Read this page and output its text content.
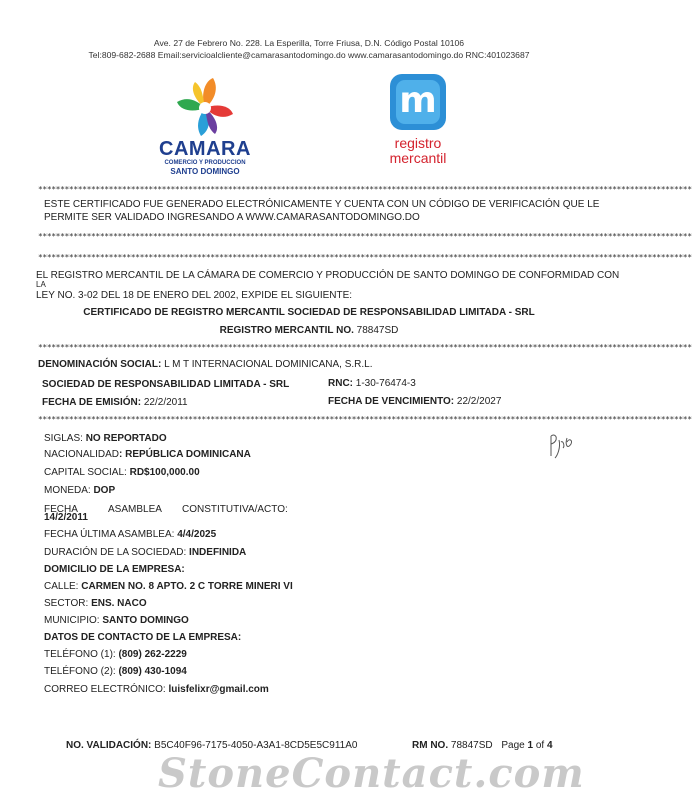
Ave. 27 de Febrero No. 228. La Esperilla, Torre Friusa, D.N. Código Postal 10106
Tel:809-682-2688 Email:servicioalcliente@camarasantodomingo.do www.camarasantodomingo.do RNC:401023687
CAMARA
COMERCIO Y PRODUCCION
SANTO DOMINGO
m
registro
mercantil
****************************************************************************************************************************************************
ESTE CERTIFICADO FUE GENERADO ELECTRÓNICAMENTE Y CUENTA CON UN CÓDIGO DE VERIFICACIÓN QUE LE
PERMITE SER VALIDADO INGRESANDO A WWW.CAMARASANTODOMINGO.DO
****************************************************************************************************************************************************
****************************************************************************************************************************************************
EL REGISTRO MERCANTIL DE LA CÁMARA DE COMERCIO Y PRODUCCIÓN DE SANTO DOMINGO DE CONFORMIDAD CON
LA
LEY NO. 3-02 DEL 18 DE ENERO DEL 2002, EXPIDE EL SIGUIENTE:
CERTIFICADO DE REGISTRO MERCANTIL SOCIEDAD DE RESPONSABILIDAD LIMITADA - SRL
REGISTRO MERCANTIL NO. 78847SD
****************************************************************************************************************************************************
DENOMINACIÓN SOCIAL: L M T INTERNACIONAL DOMINICANA, S.R.L.
SOCIEDAD DE RESPONSABILIDAD LIMITADA - SRL	RNC: 1-30-76474-3
FECHA DE EMISIÓN: 22/2/2011	FECHA DE VENCIMIENTO: 22/2/2027
****************************************************************************************************************************************************
SIGLAS: NO REPORTADO
NACIONALIDAD: REPÚBLICA DOMINICANA
CAPITAL SOCIAL: RD$100,000.00
MONEDA: DOP
FECHA	ASAMBLEA CONSTITUTIVA/ACTO:
14/2/2011
FECHA ÚLTIMA ASAMBLEA: 4/4/2025
DURACIÓN DE LA SOCIEDAD: INDEFINIDA
DOMICILIO DE LA EMPRESA:
CALLE: CARMEN NO. 8 APTO. 2 C TORRE MINERI VI
SECTOR: ENS. NACO
MUNICIPIO: SANTO DOMINGO
DATOS DE CONTACTO DE LA EMPRESA:
TELÉFONO (1): (809) 262-2229
TELÉFONO (2): (809) 430-1094
CORREO ELECTRÓNICO: luisfelixr@gmail.com
NO. VALIDACIÓN: B5C40F96-7175-4050-A3A1-8CD5E5C911A0	RM NO. 78847SD Page 1 of 4
StoneContact.com
